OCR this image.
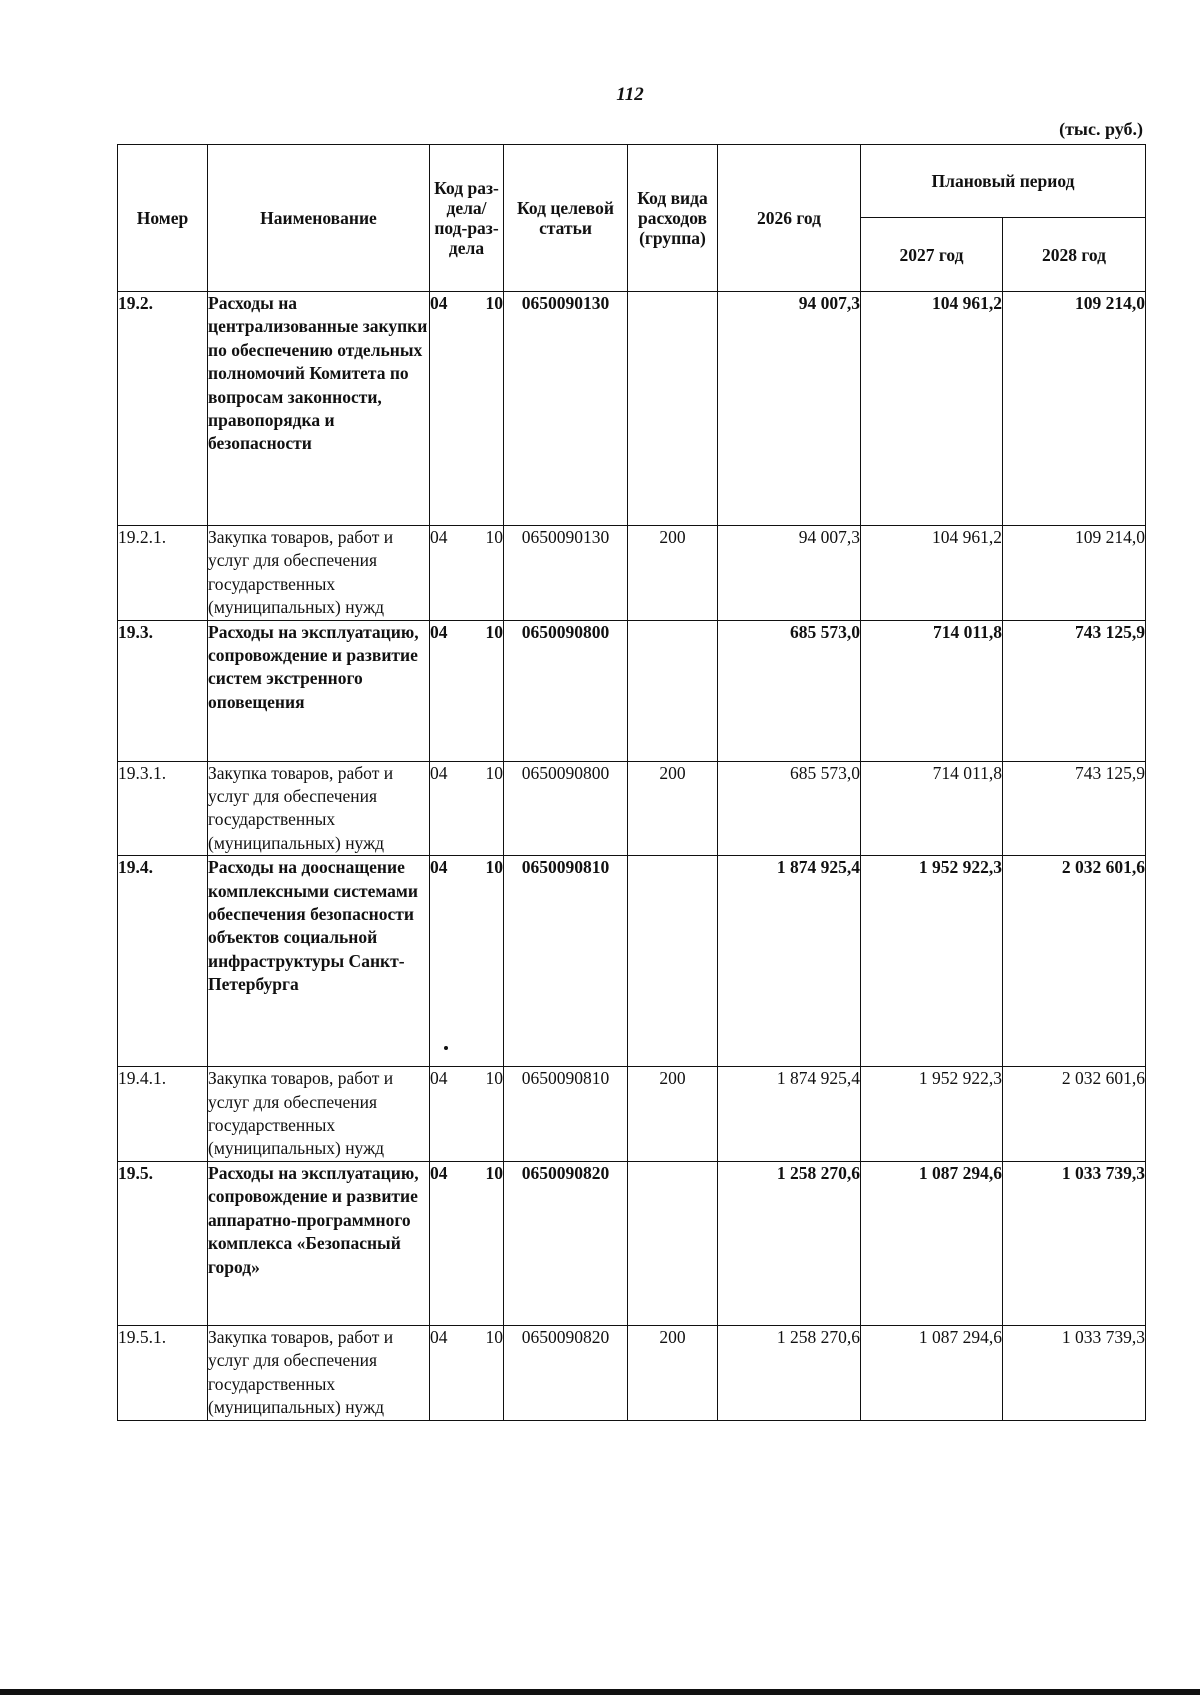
112
(тыс. руб.)
Номер	Наименование	Код раз-дела/ под-раз-дела	Код целевой статьи	Код вида расходов (группа)	2026 год	Плановый период	
						2027 год	2028 год
19.2.	Расходы на централизованные закупки по обеспечению отдельных полномочий Комитета по вопросам законности, правопорядка и безопасности	04 10	0650090130		94 007,3	104 961,2	109 214,0
19.2.1.	Закупка товаров, работ и услуг для обеспечения государственных (муниципальных) нужд	04 10	0650090130	200	94 007,3	104 961,2	109 214,0
19.3.	Расходы на эксплуатацию, сопровождение и развитие систем экстренного оповещения	04 10	0650090800		685 573,0	714 011,8	743 125,9
19.3.1.	Закупка товаров, работ и услуг для обеспечения государственных (муниципальных) нужд	04 10	0650090800	200	685 573,0	714 011,8	743 125,9
19.4.	Расходы на дооснащение комплексными системами обеспечения безопасности объектов социальной инфраструктуры Санкт-Петербурга	04 10	0650090810		1 874 925,4	1 952 922,3	2 032 601,6
19.4.1.	Закупка товаров, работ и услуг для обеспечения государственных (муниципальных) нужд	04 10	0650090810	200	1 874 925,4	1 952 922,3	2 032 601,6
19.5.	Расходы на эксплуатацию, сопровождение и развитие аппаратно-программного комплекса «Безопасный город»	04 10	0650090820		1 258 270,6	1 087 294,6	1 033 739,3
19.5.1.	Закупка товаров, работ и услуг для обеспечения государственных (муниципальных) нужд	04 10	0650090820	200	1 258 270,6	1 087 294,6	1 033 739,3
